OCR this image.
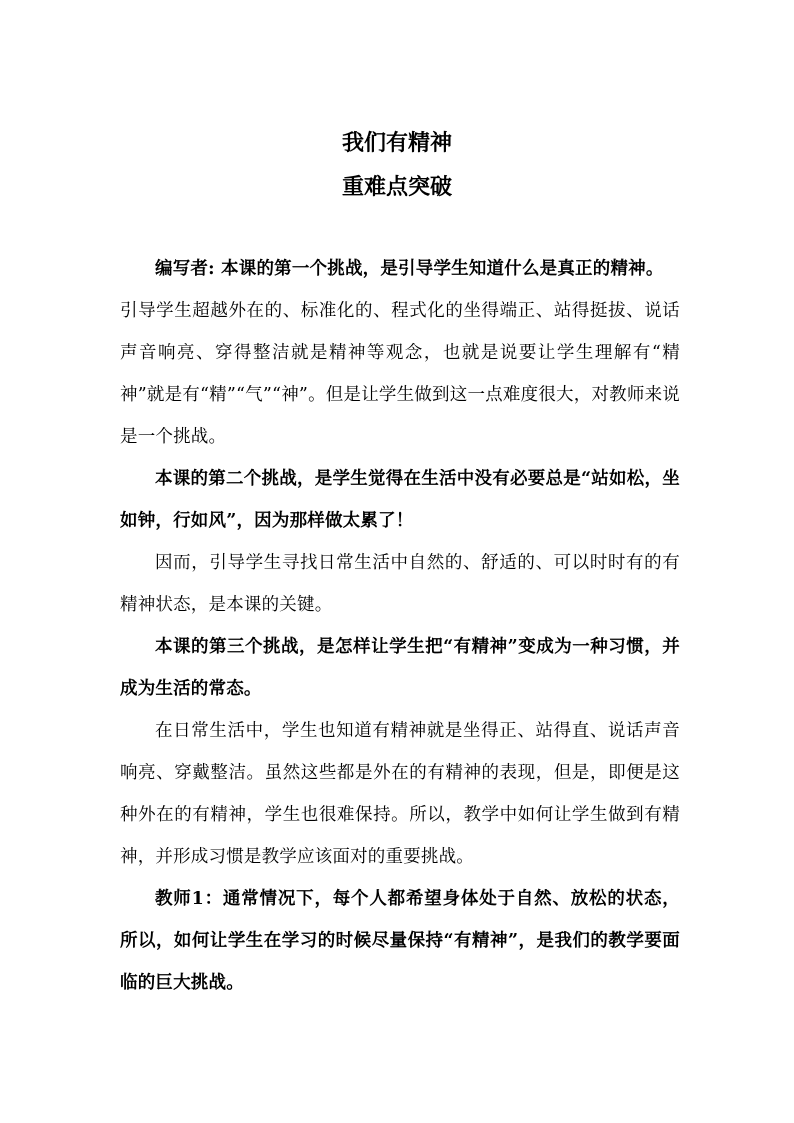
我们有精神
重难点突破

编写者: 本课的第一个挑战，是引导学生知道什么是真正的精神。

引导学生超越外在的、标准化的、程式化的坐得端正、站得挺拔、说话声音响亮、穿得整洁就是精神等观念，也就是说要让学生理解有“精神”就是有“精”“气”“神”。但是让学生做到这一点难度很大，对教师来说是一个挑战。

本课的第二个挑战，是学生觉得在生活中没有必要总是“站如松，坐如钟，行如风”，因为那样做太累了！

因而，引导学生寻找日常生活中自然的、舒适的、可以时时有的有精神状态，是本课的关键。

本课的第三个挑战，是怎样让学生把“有精神”变成为一种习惯，并成为生活的常态。

在日常生活中，学生也知道有精神就是坐得正、站得直、说话声音响亮、穿戴整洁。虽然这些都是外在的有精神的表现，但是，即便是这种外在的有精神，学生也很难保持。所以，教学中如何让学生做到有精神，并形成习惯是教学应该面对的重要挑战。

教师1：通常情况下，每个人都希望身体处于自然、放松的状态，所以，如何让学生在学习的时候尽量保持“有精神”，是我们的教学要面临的巨大挑战。
